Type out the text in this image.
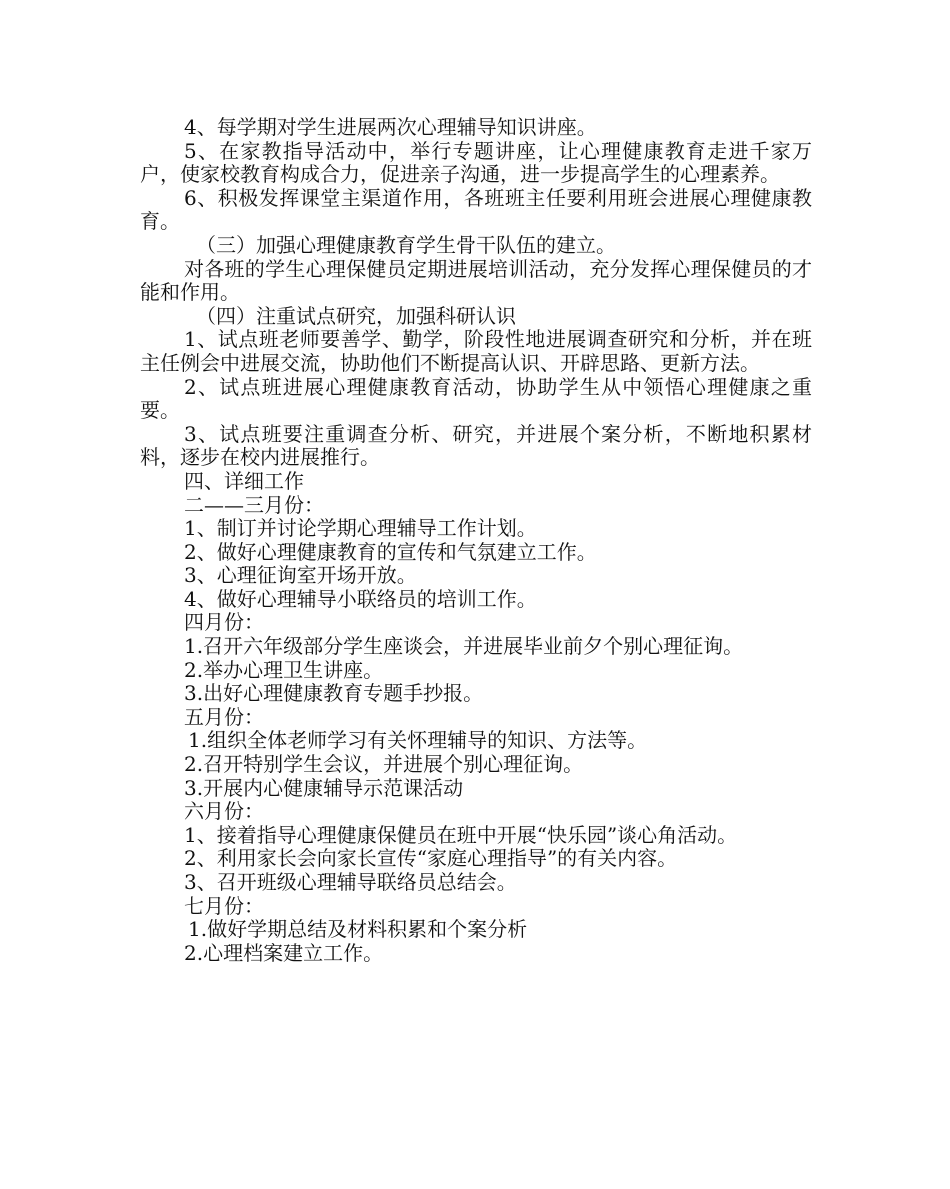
4、每学期对学生进展两次心理辅导知识讲座。

5、在家教指导活动中，举行专题讲座，让心理健康教育走进千家万户，使家校教育构成合力，促进亲子沟通，进一步提高学生的心理素养。

6、积极发挥课堂主渠道作用，各班班主任要利用班会进展心理健康教育。

（三）加强心理健康教育学生骨干队伍的建立。

对各班的学生心理保健员定期进展培训活动，充分发挥心理保健员的才能和作用。

（四）注重试点研究，加强科研认识

1、试点班老师要善学、勤学，阶段性地进展调查研究和分析，并在班主任例会中进展交流，协助他们不断提高认识、开辟思路、更新方法。

2、试点班进展心理健康教育活动，协助学生从中领悟心理健康之重要。

3、试点班要注重调查分析、研究，并进展个案分析，不断地积累材料，逐步在校内进展推行。

四、详细工作

二——三月份：

1、制订并讨论学期心理辅导工作计划。

2、做好心理健康教育的宣传和气氛建立工作。

3、心理征询室开场开放。

4、做好心理辅导小联络员的培训工作。

四月份：

1.召开六年级部分学生座谈会，并进展毕业前夕个别心理征询。

2.举办心理卫生讲座。

3.出好心理健康教育专题手抄报。

五月份：

1.组织全体老师学习有关怀理辅导的知识、方法等。

2.召开特别学生会议，并进展个别心理征询。

3.开展内心健康辅导示范课活动

六月份：

1、接着指导心理健康保健员在班中开展“快乐园”谈心角活动。

2、利用家长会向家长宣传“家庭心理指导”的有关内容。

3、召开班级心理辅导联络员总结会。

七月份：

1.做好学期总结及材料积累和个案分析

2.心理档案建立工作。
